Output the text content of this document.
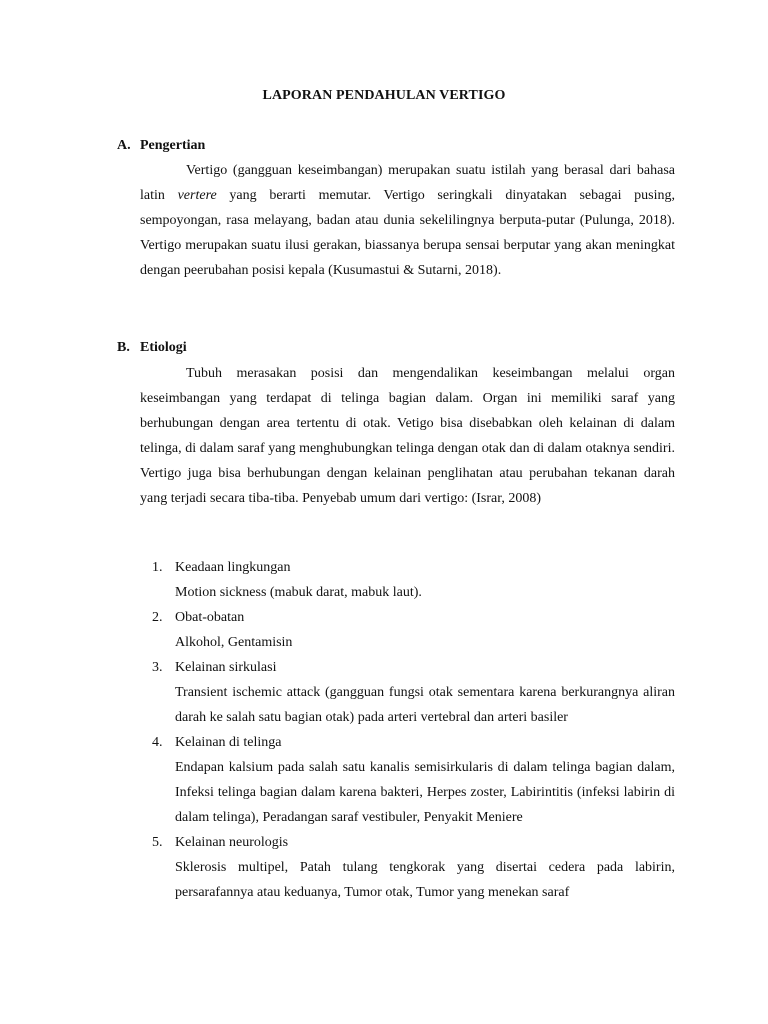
LAPORAN PENDAHULAN VERTIGO
A. Pengertian

Vertigo (gangguan keseimbangan) merupakan suatu istilah yang berasal dari bahasa latin vertere yang berarti memutar. Vertigo seringkali dinyatakan sebagai pusing, sempoyongan, rasa melayang, badan atau dunia sekelilingnya berputa-putar (Pulunga, 2018). Vertigo merupakan suatu ilusi gerakan, biassanya berupa sensai berputar yang akan meningkat dengan peerubahan posisi kepala (Kusumastui & Sutarni, 2018).

B. Etiologi

Tubuh merasakan posisi dan mengendalikan keseimbangan melalui organ keseimbangan yang terdapat di telinga bagian dalam. Organ ini memiliki saraf yang berhubungan dengan area tertentu di otak. Vetigo bisa disebabkan oleh kelainan di dalam telinga, di dalam saraf yang menghubungkan telinga dengan otak dan di dalam otaknya sendiri. Vertigo juga bisa berhubungan dengan kelainan penglihatan atau perubahan tekanan darah yang terjadi secara tiba-tiba. Penyebab umum dari vertigo: (Israr, 2008)

1. Keadaan lingkungan
Motion sickness (mabuk darat, mabuk laut).
2. Obat-obatan
Alkohol, Gentamisin
3. Kelainan sirkulasi
Transient ischemic attack (gangguan fungsi otak sementara karena berkurangnya aliran darah ke salah satu bagian otak) pada arteri vertebral dan arteri basiler
4. Kelainan di telinga
Endapan kalsium pada salah satu kanalis semisirkularis di dalam telinga bagian dalam, Infeksi telinga bagian dalam karena bakteri, Herpes zoster, Labirintitis (infeksi labirin di dalam telinga), Peradangan saraf vestibuler, Penyakit Meniere
5. Kelainan neurologis
Sklerosis multipel, Patah tulang tengkorak yang disertai cedera pada labirin, persarafannya atau keduanya, Tumor otak, Tumor yang menekan saraf
